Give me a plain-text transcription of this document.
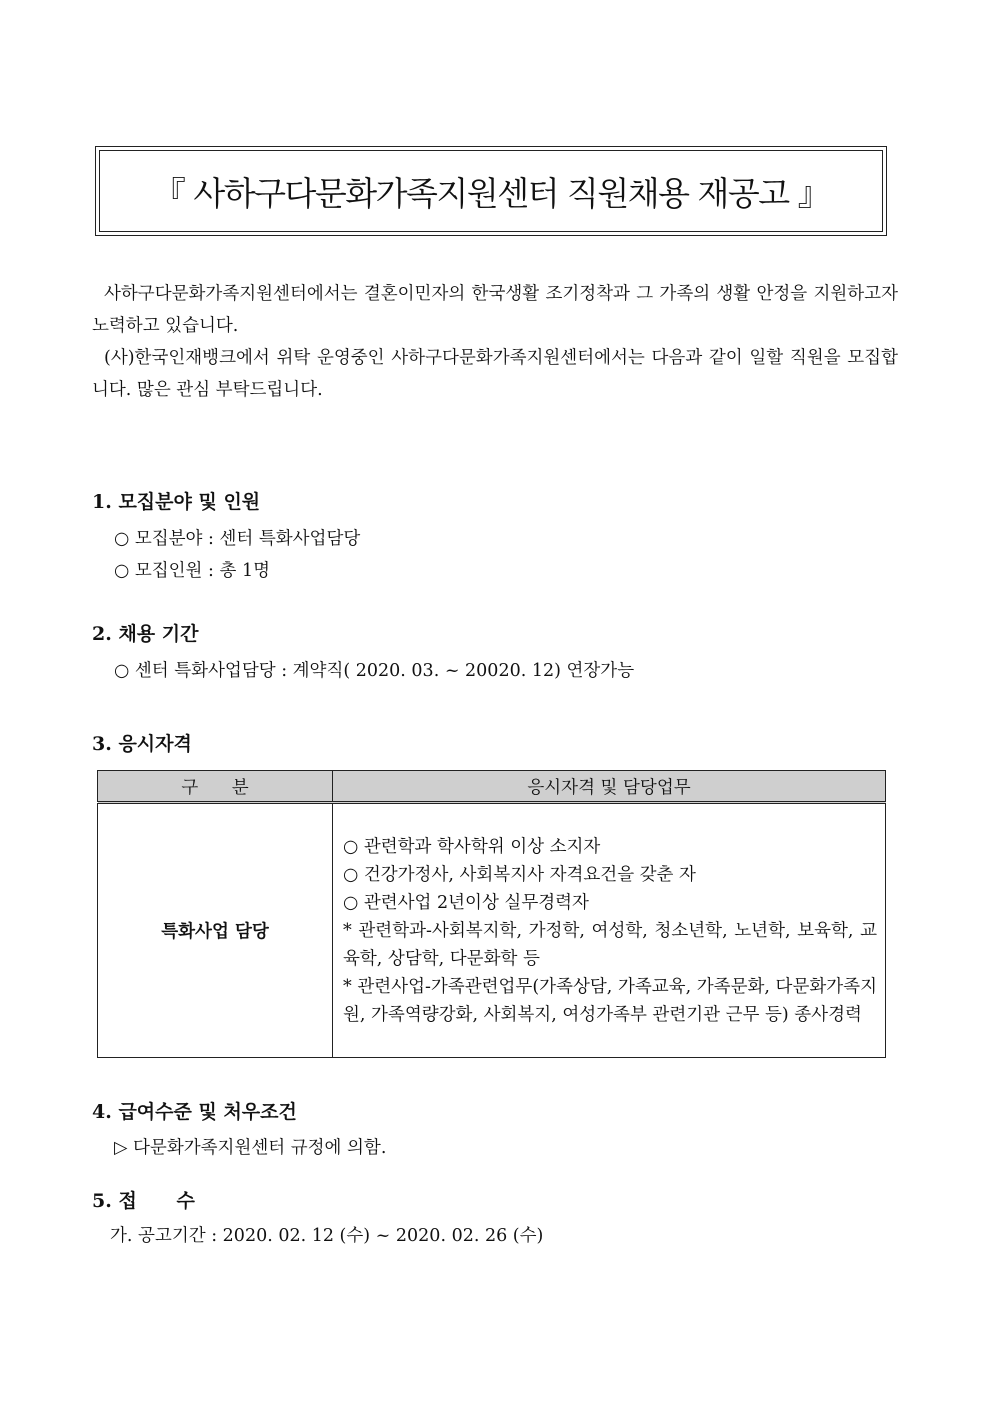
『 사하구다문화가족지원센터 직원채용 재공고 』

사하구다문화가족지원센터에서는 결혼이민자의 한국생활 조기정착과 그 가족의 생활 안정을 지원하고자 노력하고 있습니다.

(사)한국인재뱅크에서 위탁 운영중인 사하구다문화가족지원센터에서는 다음과 같이 일할 직원을 모집합니다. 많은 관심 부탁드립니다.

1. 모집분야 및 인원
○ 모집분야 : 센터 특화사업담당
○ 모집인원 : 총 1명
2. 채용 기간
○ 센터 특화사업담당 : 계약직( 2020. 03. ~ 20020. 12) 연장가능
3. 응시자격
구      분	응시자격 및 담당업무
특화사업 담당	○ 관련학과 학사학위 이상 소지자
○ 건강가정사, 사회복지사 자격요건을 갖춘 자
○ 관련사업 2년이상 실무경력자
* 관련학과-사회복지학, 가정학, 여성학, 청소년학, 노년학, 보육학, 교육학, 상담학, 다문화학 등
* 관련사업-가족관련업무(가족상담, 가족교육, 가족문화, 다문화가족지원, 가족역량강화, 사회복지, 여성가족부 관련기관 근무 등) 종사경력
4. 급여수준 및 처우조건
▷ 다문화가족지원센터 규정에 의함.
5. 접      수
가. 공고기간 : 2020. 02. 12 (수) ~ 2020. 02. 26 (수)
